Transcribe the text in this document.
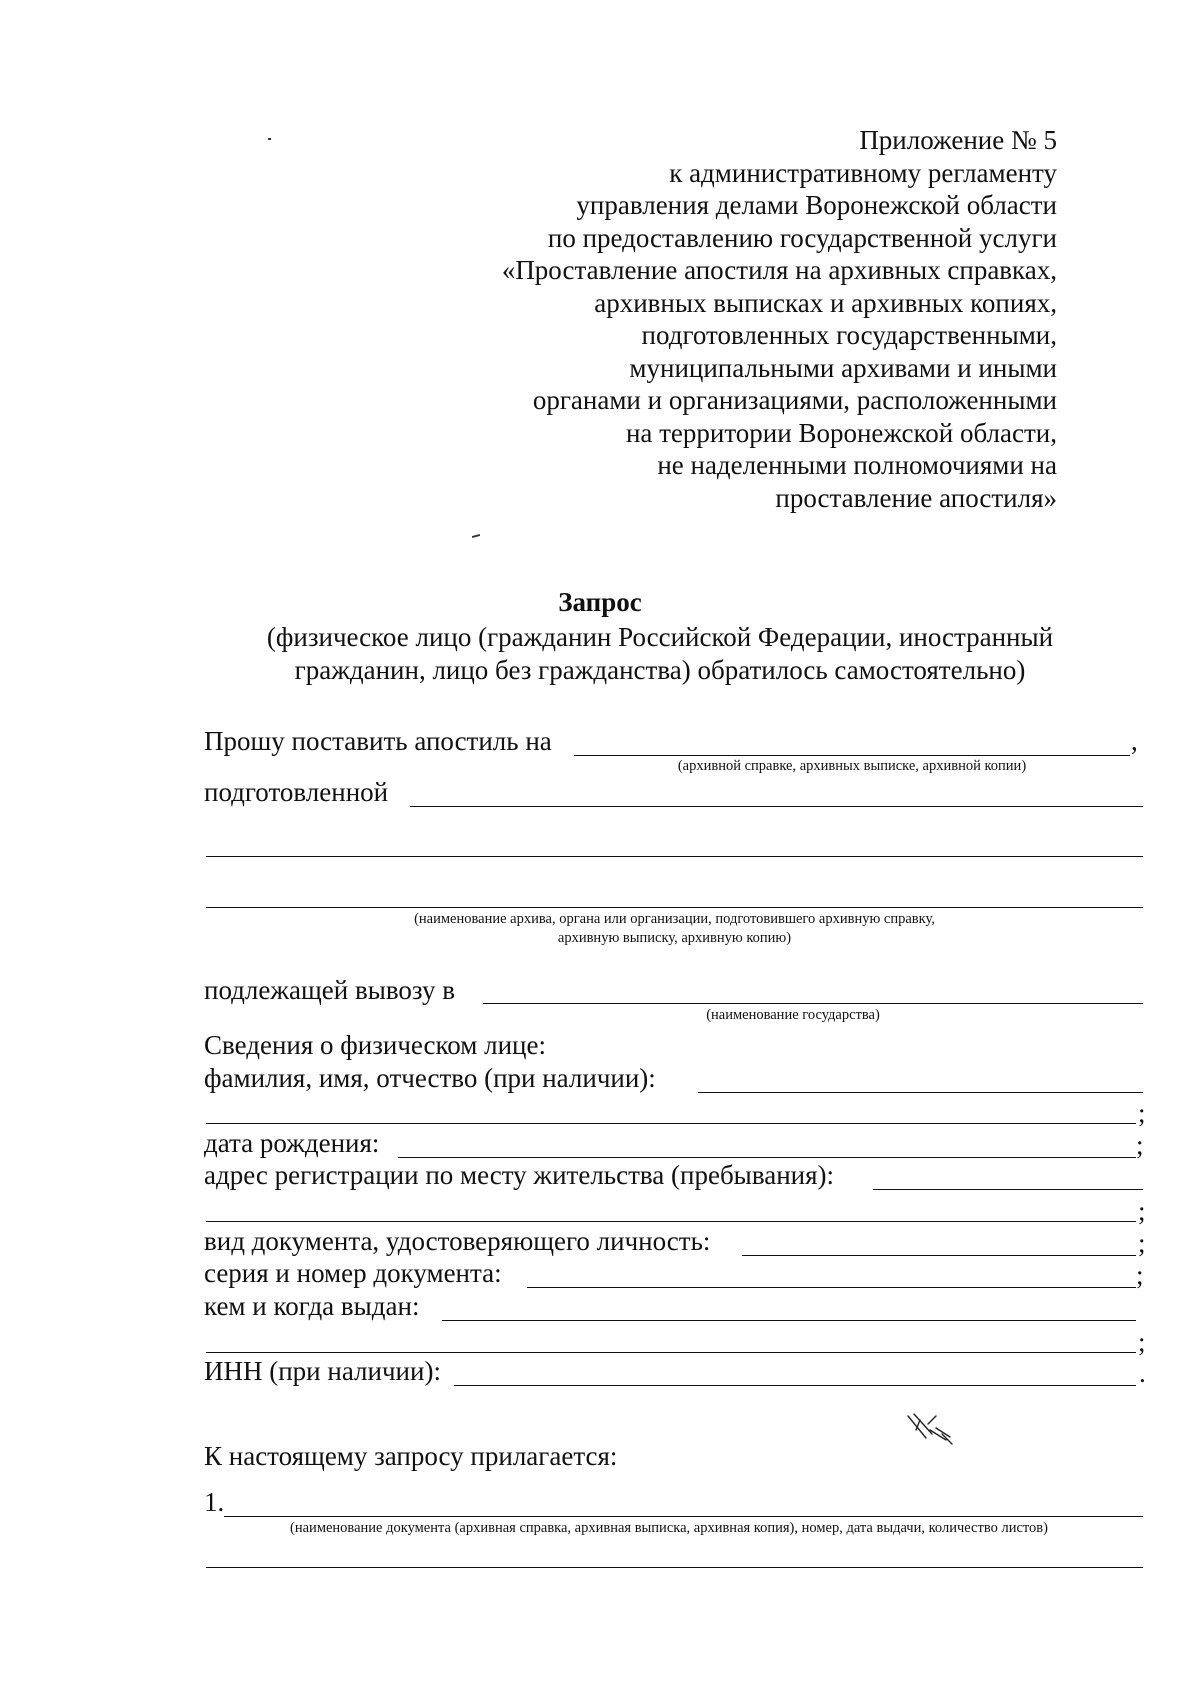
Приложение № 5
к административному регламенту
управления делами Воронежской области
по предоставлению государственной услуги
«Проставление апостиля на архивных справках,
архивных выписках и архивных копиях,
подготовленных государственными,
муниципальными архивами и иными
органами и организациями, расположенными
на территории Воронежской области,
не наделенными полномочиями на
проставление апостиля»
Запрос
(физическое лицо (гражданин Российской Федерации, иностранный
гражданин, лицо без гражданства) обратилось самостоятельно)
Прошу поставить апостиль на	,
(архивной справке, архивных выписке, архивной копии)
подготовленной
(наименование архива, органа или организации, подготовившего архивную справку,
архивную выписку, архивную копию)
подлежащей вывозу в
(наименование государства)
Сведения о физическом лице:
фамилия, имя, отчество (при наличии):
;
дата рождения:	;
адрес регистрации по месту жительства (пребывания):
;
вид документа, удостоверяющего личность:	;
серия и номер документа:	;
кем и когда выдан:
;
ИНН (при наличии):	.
К настоящему запросу прилагается:
1.
(наименование документа (архивная справка, архивная выписка, архивная копия), номер, дата выдачи, количество листов)
